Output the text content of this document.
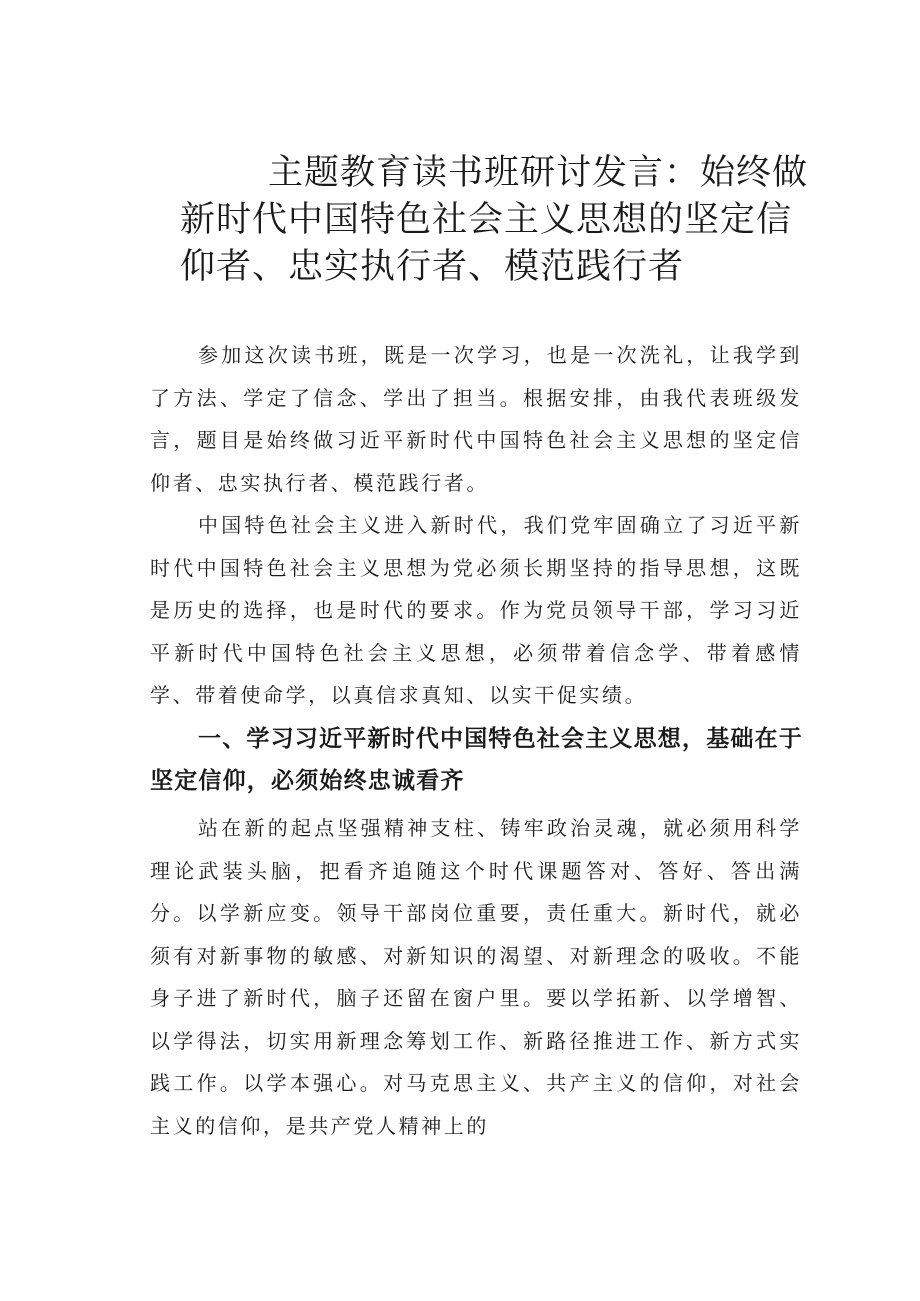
主题教育读书班研讨发言：始终做新时代中国特色社会主义思想的坚定信仰者、忠实执行者、模范践行者

参加这次读书班，既是一次学习，也是一次洗礼，让我学到了方法、学定了信念、学出了担当。根据安排，由我代表班级发言，题目是始终做习近平新时代中国特色社会主义思想的坚定信仰者、忠实执行者、模范践行者。

中国特色社会主义进入新时代，我们党牢固确立了习近平新时代中国特色社会主义思想为党必须长期坚持的指导思想，这既是历史的选择，也是时代的要求。作为党员领导干部，学习习近平新时代中国特色社会主义思想，必须带着信念学、带着感情学、带着使命学，以真信求真知、以实干促实绩。

一、学习习近平新时代中国特色社会主义思想，基础在于坚定信仰，必须始终忠诚看齐

站在新的起点坚强精神支柱、铸牢政治灵魂，就必须用科学理论武装头脑，把看齐追随这个时代课题答对、答好、答出满分。以学新应变。领导干部岗位重要，责任重大。新时代，就必须有对新事物的敏感、对新知识的渴望、对新理念的吸收。不能身子进了新时代，脑子还留在窗户里。要以学拓新、以学增智、以学得法，切实用新理念筹划工作、新路径推进工作、新方式实践工作。以学本强心。对马克思主义、共产主义的信仰，对社会主义的信仰，是共产党人精神上的
